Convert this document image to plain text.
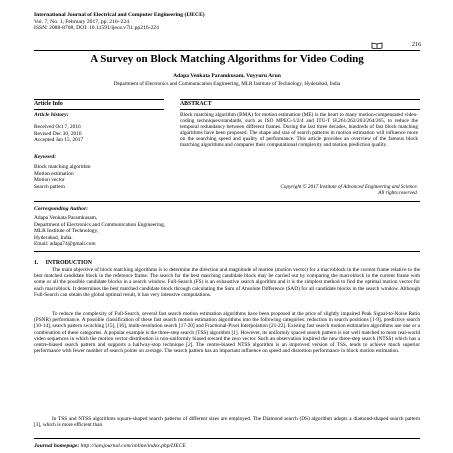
International Journal of Electrical and Computer Engineering (IJECE)
Vol. 7, No. 1, February 2017, pp. 216~224
ISSN: 2088-8708, DOI: 10.11591/ijece.v7i1.pp216-224
216
A Survey on Block Matching Algorithms for Video Coding
Adapa Venkata Paramkusam, Vuyyuru Arun
Department of Electronics and Communication Engineering, MLR Institute of Technology, Hyderabad, India
Article Info	ABSTRACT
Article history:
Received Oct 7, 2016
Revised Dec 30, 2016
Accepted Jan 15, 2017
Keyword:
Block matching algorithm
Motion estimation
Motion vector
Search pattern
Block matching algorithm (BMA) for motion estimation (ME) is the heart to many motion-compensated video-coding techniques/standards, such as ISO MPEG-1/2/4 and ITU-T H.261/262/263/264/265, to reduce the temporal redundancy between different frames. During the last three decades, hundreds of fast block matching algorithms have been proposed. The shape and size of search patterns in motion estimation will influence more on the searching speed and quality of performance. This article provides an overview of the famous block matching algorithms and compares their computational complexity and motion prediction quality.
Copyright © 2017 Institute of Advanced Engineering and Science.
All rights reserved.
Corresponding Author:
Adapa Venkata Paramkusam,
Department of Electronics and Communication Engineering,
MLR Institute of Technology,
Hyderabad, India.
Email: adapa74@gmail.com
1.     INTRODUCTION
The main objective of block matching algorithms is to determine the direction and magnitude of motion (motion vector) for a macroblock in the current frame relative to the best matched candidate block in the reference frame. The search for the best matching candidate block may be carried out by comparing the macroblock in the current frame with some or all the possible candidate blocks in a search window. Full-Search (FS) is an exhaustive search algorithm and it is the simplest method to find the optimal motion vector for each macroblock. It determines the best matched candidate block through calculating the Sum of Absolute Difference (SAD) for all candidate blocks in the search window. Although Full-Search can obtain the global optimal result, it has very intensive computations.
To reduce the complexity of Full-Search, several fast search motion estimation algorithms have been proposed at the price of slightly impaired Peak Signal-to-Noise Ratio (PSNR) performance. A possible classification of these fast search motion estimation algorithms into the following categories: reduction in search positions [1-9], predictive search [10-14], search pattern switching [15], [16], multi-resolution search [17-20] and Fractional-Pixel Interpolation [21-22]. Existing fast search motion estimation algorithms use one or a combination of these categories. A popular example is the three-step search (TSS) algorithm [1]. However, its uniformly spaced search pattern is not well matched to most real-world video sequences in which the motion vector distribution is non-uniformly biased toward the zero vector. Such an observation inspired the new three-step search (NTSS) which has a centre-biased search pattern and supports a halfway-stop technique [2]. The centre-biased NTSS algorithm is an improved version of TSS, tends to achieve much superior performance with fewer number of search points on average. The search pattern has an important influence on speed and distortion performance in block motion estimation.
In TSS and NTSS algorithms square-shaped search patterns of different sizes are employed. The Diamond search (DS) algorithm adopts a diamond-shaped search pattern [3], which is more efficient than
Journal homepage: http://iaesjournal.com/online/index.php/IJECE
